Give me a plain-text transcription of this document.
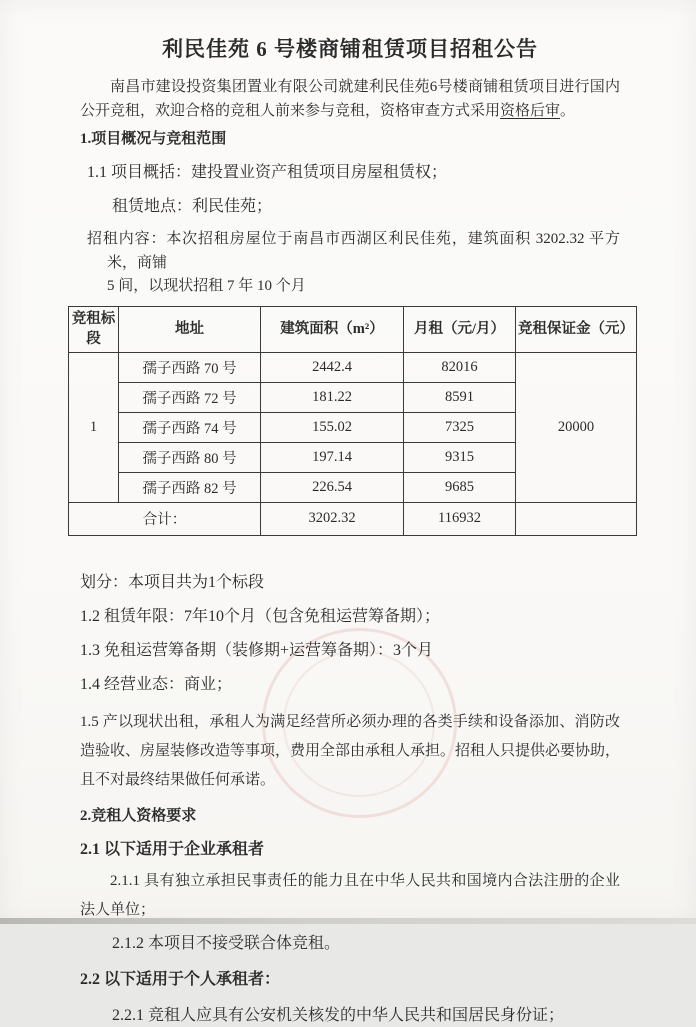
利民佳苑 6 号楼商铺租赁项目招租公告

南昌市建设投资集团置业有限公司就建利民佳苑6号楼商铺租赁项目进行国内公开竞租，欢迎合格的竞租人前来参与竞租，资格审查方式采用资格后审。

1.项目概况与竞租范围
1.1 项目概括：建投置业资产租赁项目房屋租赁权；
租赁地点：利民佳苑；
招租内容：本次招租房屋位于南昌市西湖区利民佳苑，建筑面积 3202.32 平方米，商铺
5 间，以现状招租 7 年 10 个月
竞租标段	地址	建筑面积（m²）	月租（元/月）	竞租保证金（元）
1	孺子西路 70 号	2442.4	82016	20000
	孺子西路 72 号	181.22	8591	
	孺子西路 74 号	155.02	7325	
	孺子西路 80 号	197.14	9315	
	孺子西路 82 号	226.54	9685	
合计：		3202.32	116932	
划分：本项目共为1个标段
1.2 租赁年限：7年10个月（包含免租运营筹备期）；
1.3 免租运营筹备期（装修期+运营筹备期）：3个月
1.4 经营业态：商业；

1.5 产以现状出租，承租人为满足经营所必须办理的各类手续和设备添加、消防改造验收、房屋装修改造等事项，费用全部由承租人承担。招租人只提供必要协助，且不对最终结果做任何承诺。

2.竞租人资格要求
2.1 以下适用于企业承租者

2.1.1 具有独立承担民事责任的能力且在中华人民共和国境内合法注册的企业法人单位；

2.1.2 本项目不接受联合体竞租。
2.2 以下适用于个人承租者：
2.2.1 竞租人应具有公安机关核发的中华人民共和国居民身份证；
